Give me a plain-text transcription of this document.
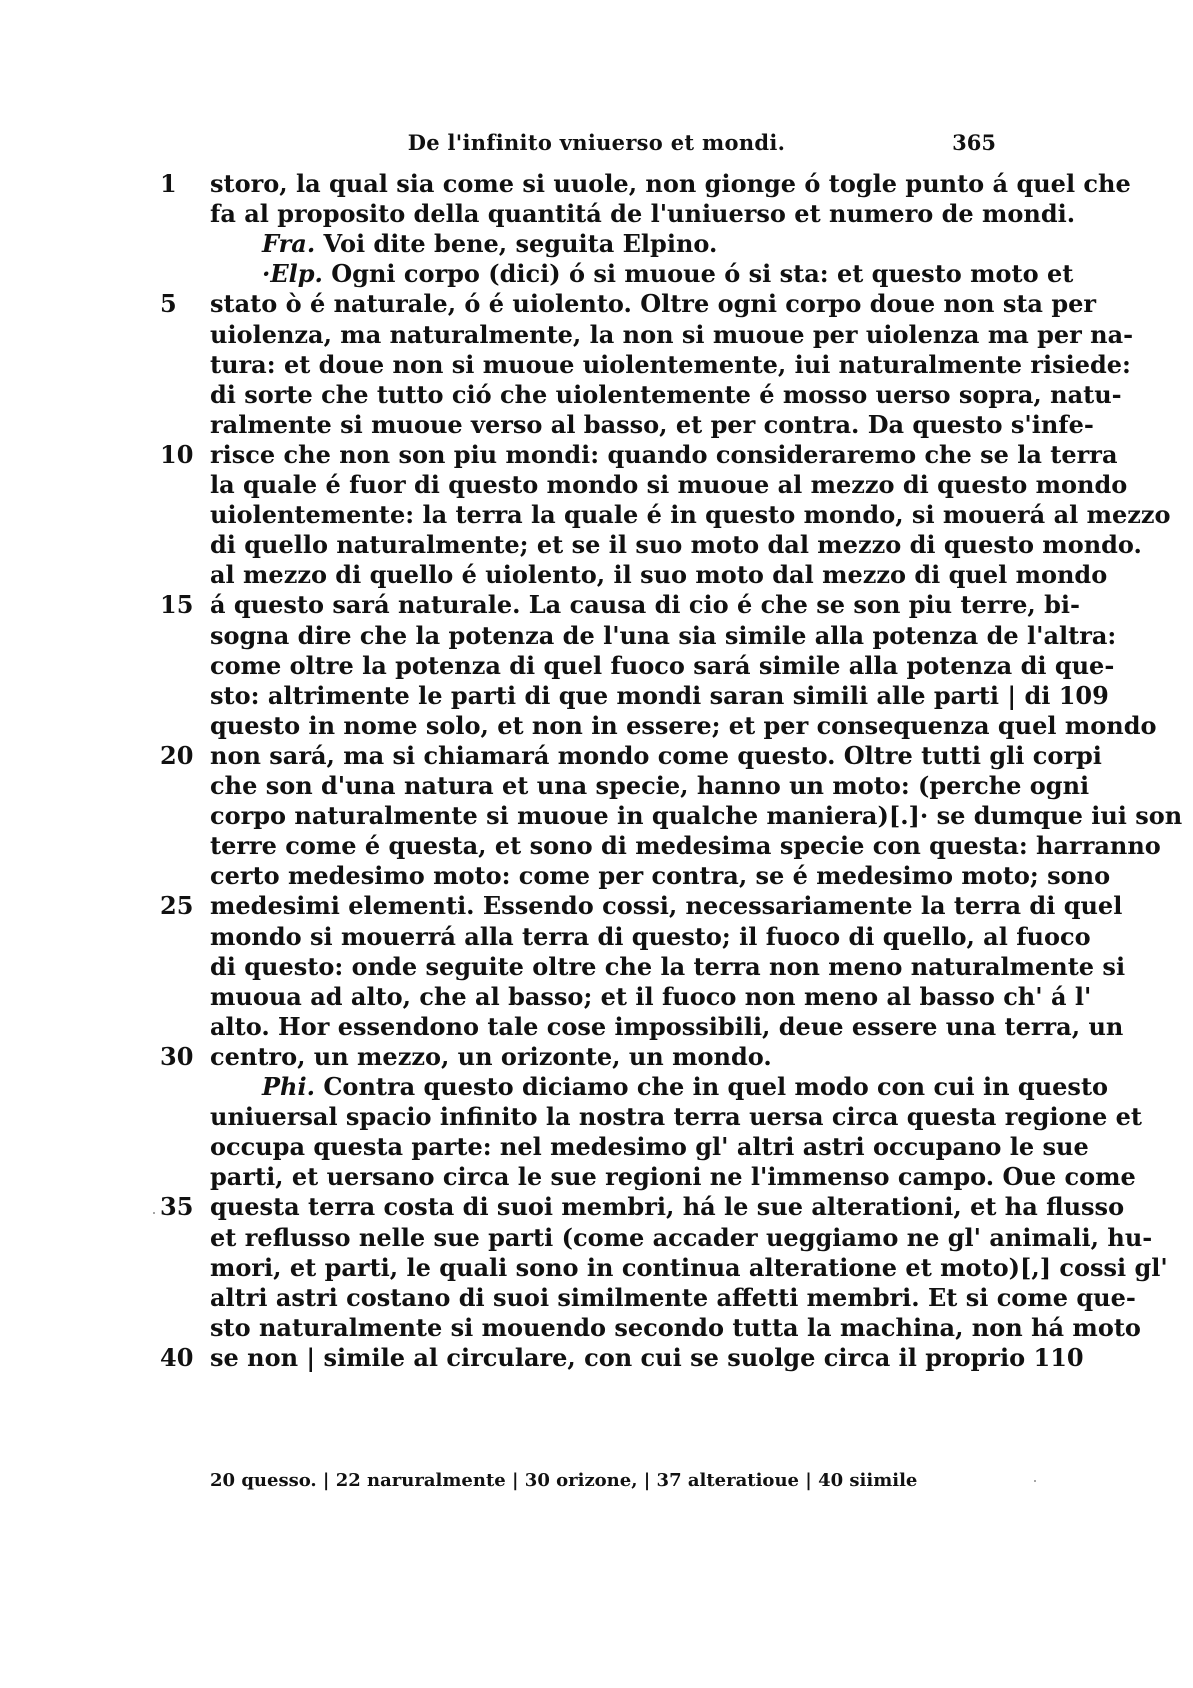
De l'infinito vniuerso et mondi.	365
1	storo, la qual sia come si uuole, non gionge ó togle punto á quel che
fa al proposito della quantitá de l'uniuerso et numero de mondi.
Fra. Voi dite bene, seguita Elpino.
·Elp. Ogni corpo (dici) ó si muoue ó si sta: et questo moto et
5	stato ò é naturale, ó é uiolento. Oltre ogni corpo doue non sta per
uiolenza, ma naturalmente, la non si muoue per uiolenza ma per na-
tura: et doue non si muoue uiolentemente, iui naturalmente risiede:
di sorte che tutto ció che uiolentemente é mosso uerso sopra, natu-
ralmente si muoue verso al basso, et per contra. Da questo s'infe-
10 risce che non son piu mondi: quando consideraremo che se la terra
la quale é fuor di questo mondo si muoue al mezzo di questo mondo
uiolentemente: la terra la quale é in questo mondo, si mouerá al mezzo
di quello naturalmente; et se il suo moto dal mezzo di questo mondo.
al mezzo di quello é uiolento, il suo moto dal mezzo di quel mondo
15 á questo sará naturale. La causa di cio é che se son piu terre, bi-
sogna dire che la potenza de l'una sia simile alla potenza de l'altra:
come oltre la potenza di quel fuoco sará simile alla potenza di que-
sto: altrimente le parti di que mondi saran simili alle parti | di 109
questo in nome solo, et non in essere; et per consequenza quel mondo
20 non sará, ma si chiamará mondo come questo. Oltre tutti gli corpi
che son d'una natura et una specie, hanno un moto: (perche ogni
corpo naturalmente si muoue in qualche maniera)[.]· se dumque iui son
terre come é questa, et sono di medesima specie con questa: harranno
certo medesimo moto: come per contra, se é medesimo moto; sono
25 medesimi elementi. Essendo cossi, necessariamente la terra di quel
mondo si mouerrá alla terra di questo; il fuoco di quello, al fuoco
di questo: onde seguite oltre che la terra non meno naturalmente si
muoua ad alto, che al basso; et il fuoco non meno al basso ch' á l'
alto. Hor essendono tale cose impossibili, deue essere una terra, un
30 centro, un mezzo, un orizonte, un mondo.
Phi. Contra questo diciamo che in quel modo con cui in questo
uniuersal spacio infinito la nostra terra uersa circa questa regione et
occupa questa parte: nel medesimo gl' altri astri occupano le sue
parti, et uersano circa le sue regioni ne l'immenso campo. Oue come
35 questa terra costa di suoi membri, há le sue alterationi, et ha flusso
et reflusso nelle sue parti (come accader ueggiamo ne gl' animali, hu-
mori, et parti, le quali sono in continua alteratione et moto)[,] cossi gl'
altri astri costano di suoi similmente affetti membri. Et si come que-
sto naturalmente si mouendo secondo tutta la machina, non há moto
40 se non | simile al circulare, con cui se suolge circa il proprio 110
20 quesso. | 22 naruralmente | 30 orizone, | 37 alteratioue | 40 siimile
